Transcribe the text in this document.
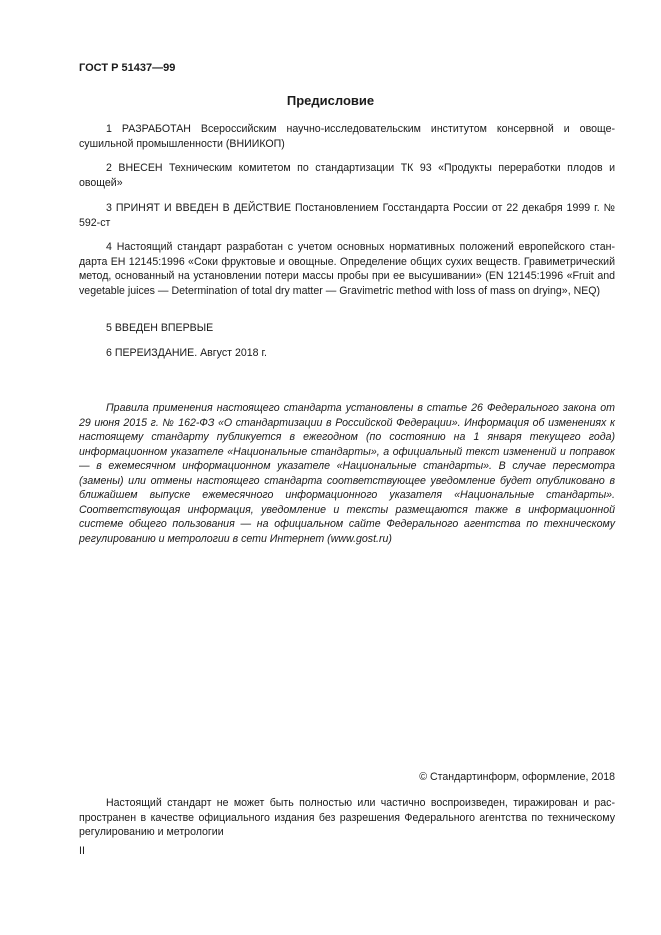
ГОСТ Р 51437—99
Предисловие

1 РАЗРАБОТАН Всероссийским научно-исследовательским институтом консервной и овощесушильной промышленности (ВНИИКОП)

2 ВНЕСЕН Техническим комитетом по стандартизации ТК 93 «Продукты переработки плодов и овощей»

3 ПРИНЯТ И ВВЕДЕН В ДЕЙСТВИЕ Постановлением Госстандарта России от 22 декабря 1999 г. № 592-ст

4 Настоящий стандарт разработан с учетом основных нормативных положений европейского стандарта ЕН 12145:1996 «Соки фруктовые и овощные. Определение общих сухих веществ. Гравиметрический метод, основанный на установлении потери массы пробы при ее высушивании» (EN 12145:1996 «Fruit and vegetable juices — Determination of total dry matter — Gravimetric method with loss of mass on drying», NEQ)

5 ВВЕДЕН ВПЕРВЫЕ

6 ПЕРЕИЗДАНИЕ. Август 2018 г.

Правила применения настоящего стандарта установлены в статье 26 Федерального закона от 29 июня 2015 г. № 162-ФЗ «О стандартизации в Российской Федерации». Информация об изменениях к настоящему стандарту публикуется в ежегодном (по состоянию на 1 января текущего года) информационном указателе «Национальные стандарты», а официальный текст изменений и поправок — в ежемесячном информационном указателе «Национальные стандарты». В случае пересмотра (замены) или отмены настоящего стандарта соответствующее уведомление будет опубликовано в ближайшем выпуске ежемесячного информационного указателя «Национальные стандарты». Соответствующая информация, уведомление и тексты размещаются также в информационной системе общего пользования — на официальном сайте Федерального агентства по техническому регулированию и метрологии в сети Интернет (www.gost.ru)

© Стандартинформ, оформление, 2018

Настоящий стандарт не может быть полностью или частично воспроизведен, тиражирован и распространен в качестве официального издания без разрешения Федерального агентства по техническому регулированию и метрологии

II
